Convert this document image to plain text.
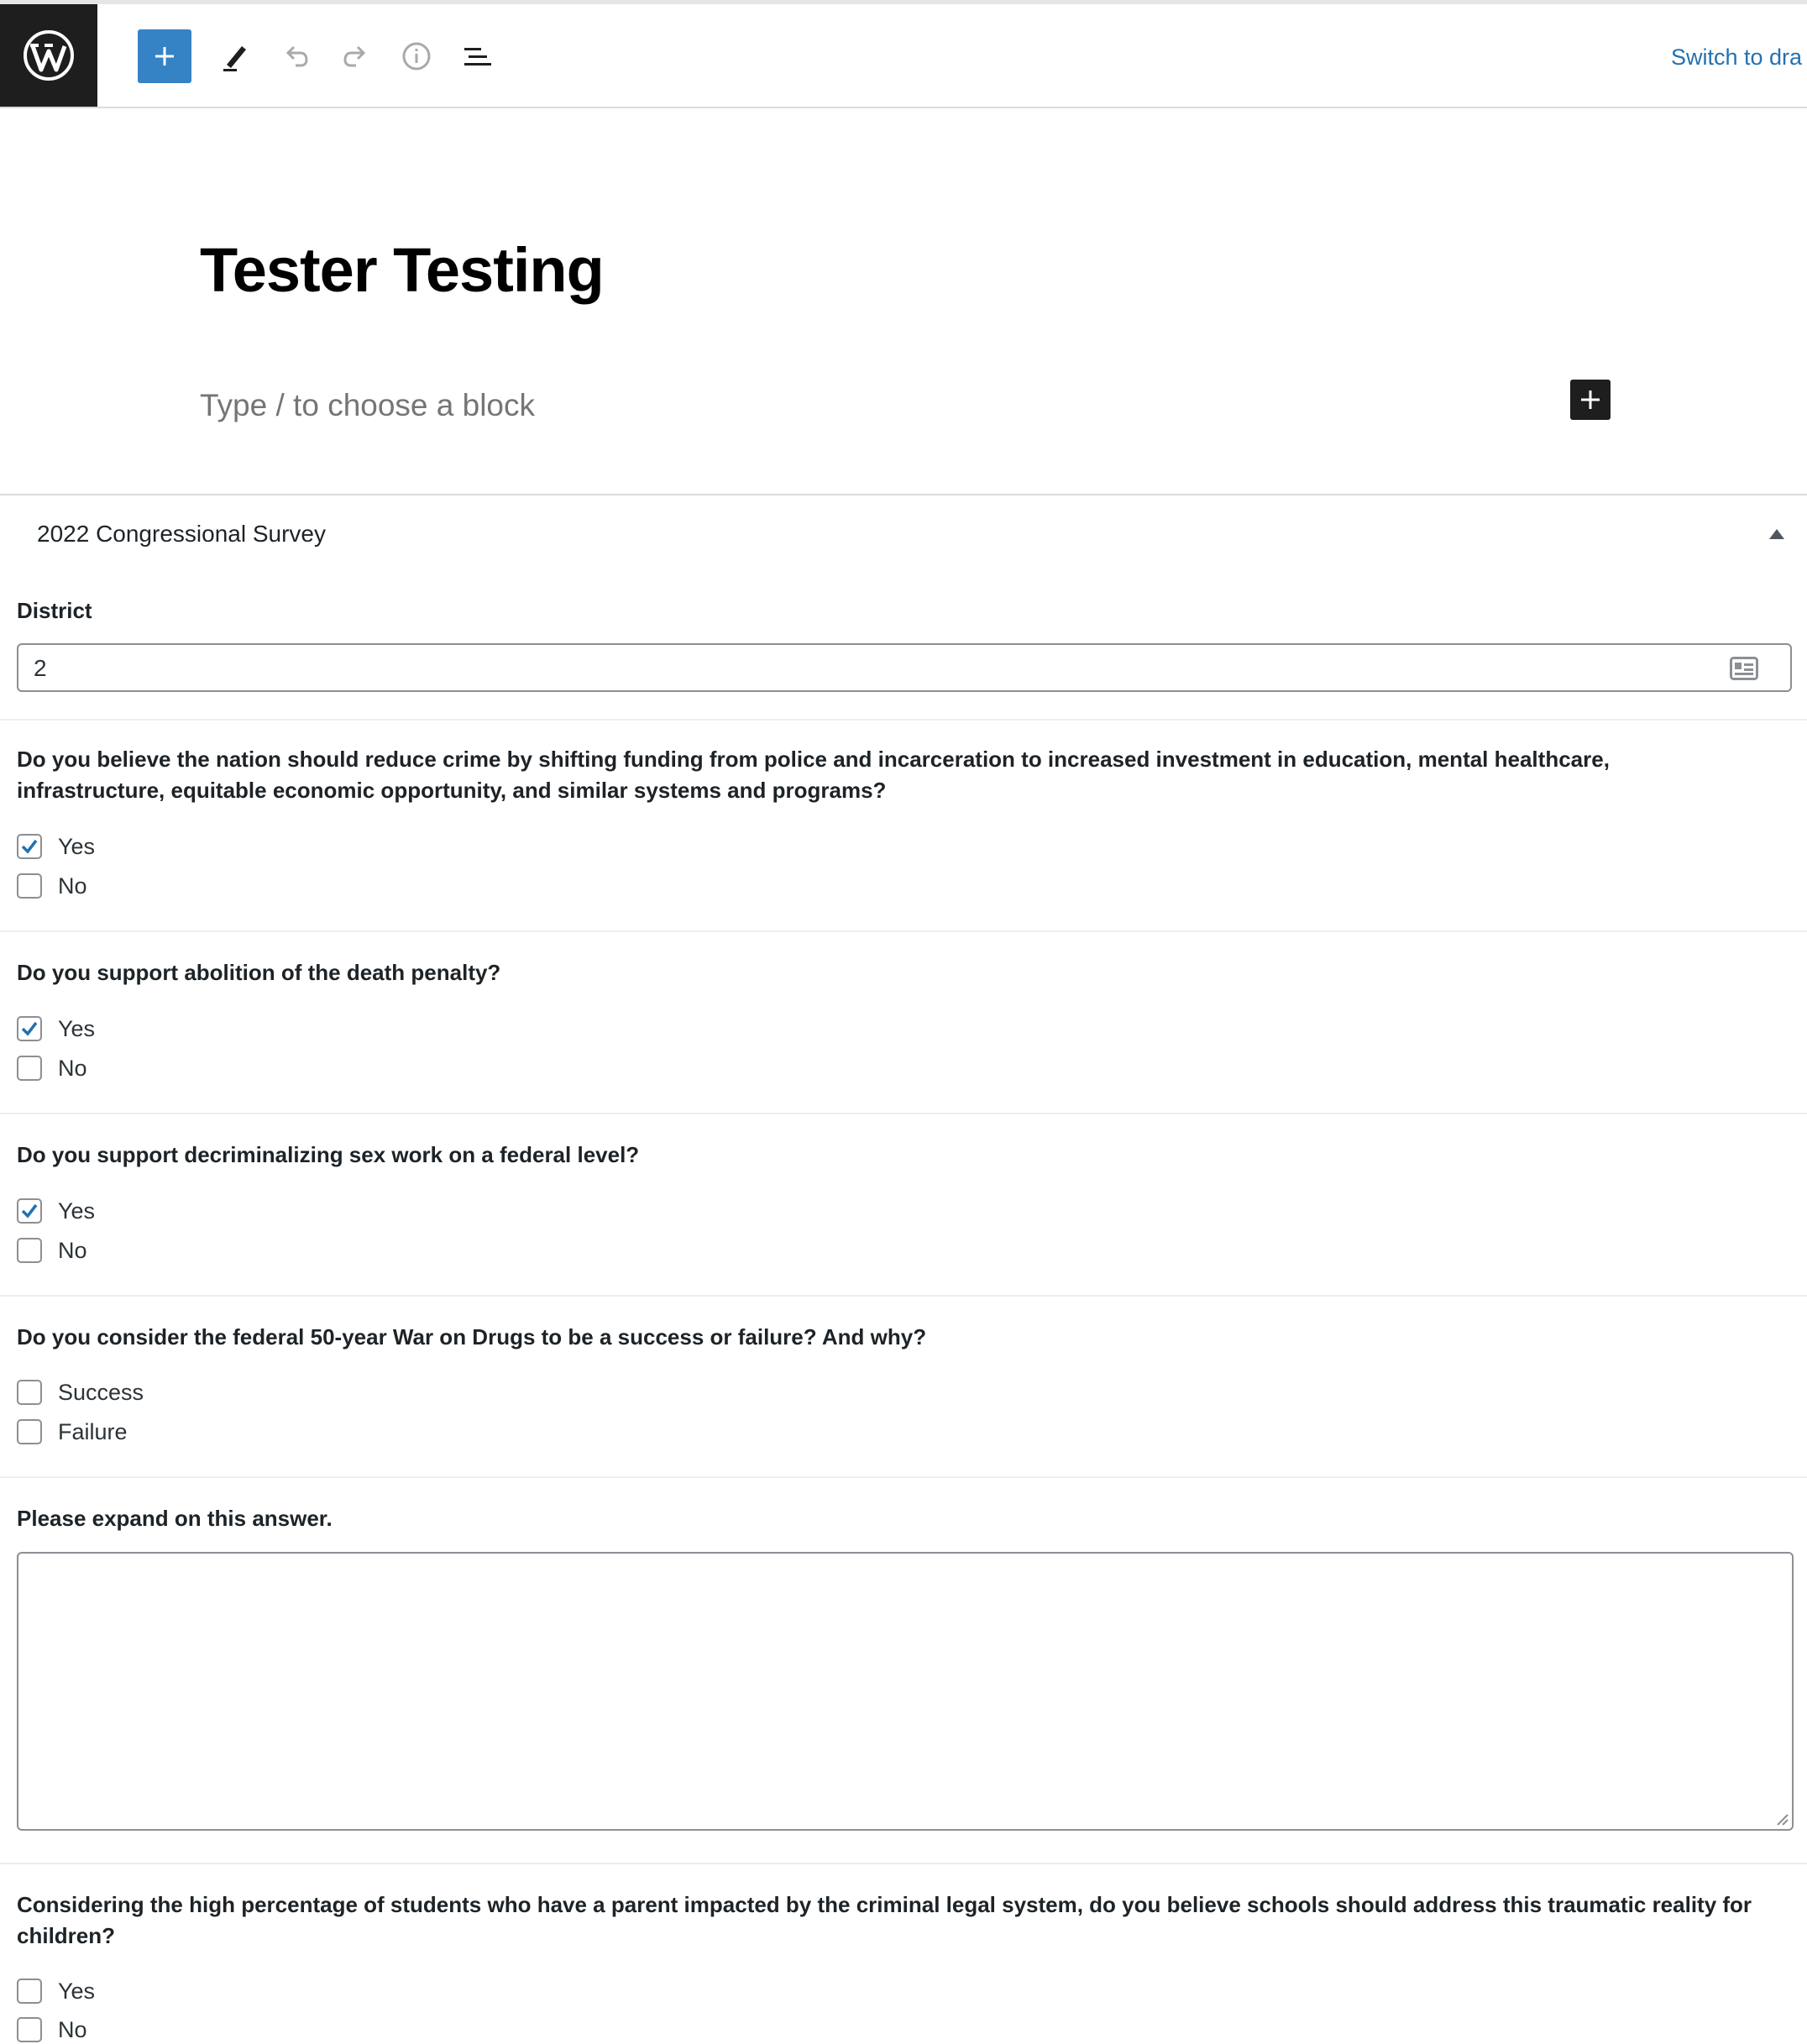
Switch to dra
Tester Testing
Type / to choose a block
2022 Congressional Survey
District
2
Do you believe the nation should reduce crime by shifting funding from police and incarceration to increased investment in education, mental healthcare, infrastructure, equitable economic opportunity, and similar systems and programs?
Yes
No
Do you support abolition of the death penalty?
Yes
No
Do you support decriminalizing sex work on a federal level?
Yes
No
Do you consider the federal 50-year War on Drugs to be a success or failure? And why?
Success
Failure
Please expand on this answer.
Considering the high percentage of students who have a parent impacted by the criminal legal system, do you believe schools should address this traumatic reality for children?
Yes
No
